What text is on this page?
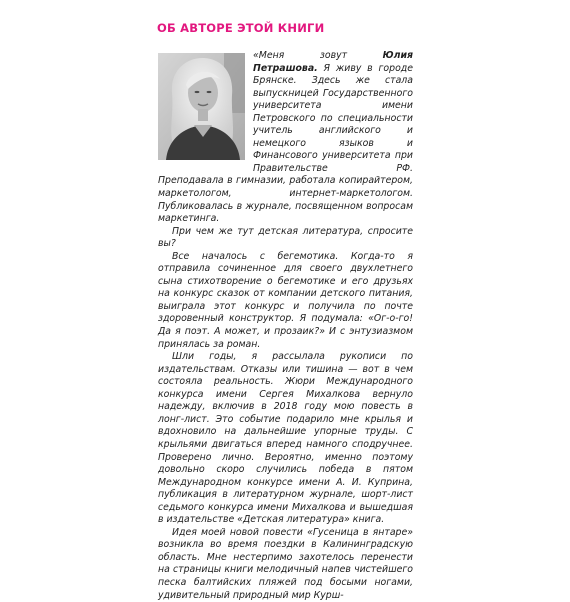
ОБ АВТОРЕ ЭТОЙ КНИГИ

«Меня зовут Юлия Петрашова. Я живу в городе Брянске. Здесь же стала выпускницей Государственного университета имени Петровского по специальности учитель английского и немецкого языков и Финансового университета при Правительстве РФ. Преподавала в гимназии, работала копирайтером, маркетологом, интернет-маркетологом. Публиковалась в журнале, посвященном вопросам маркетинга.

При чем же тут детская литература, спросите вы?

Все началось с бегемотика. Когда-то я отправила сочиненное для своего двухлетнего сына стихотворение о бегемотике и его друзьях на конкурс сказок от компании детского питания, выиграла этот конкурс и получила по почте здоровенный конструктор. Я подумала: «Ог-о-го! Да я поэт. А может, и прозаик?» И с энтузиазмом принялась за роман.

Шли годы, я рассылала рукописи по издательствам. Отказы или тишина — вот в чем состояла реальность. Жюри Международного конкурса имени Сергея Михалкова вернуло надежду, включив в 2018 году мою повесть в лонг-лист. Это событие подарило мне крылья и вдохновило на дальнейшие упорные труды. С крыльями двигаться вперед намного сподручнее. Проверено лично. Вероятно, именно поэтому довольно скоро случились победа в пятом Международном конкурсе имени А. И. Куприна, публикация в литературном журнале, шорт-лист седьмого конкурса имени Михалкова и вышедшая в издательстве «Детская литература» книга.

Идея моей новой повести «Гусеница в янтаре» возникла во время поездки в Калининградскую область. Мне нестерпимо захотелось перенести на страницы книги мелодичный напев чистейшего песка балтийских пляжей под босыми ногами, удивительный природный мир Курш-
